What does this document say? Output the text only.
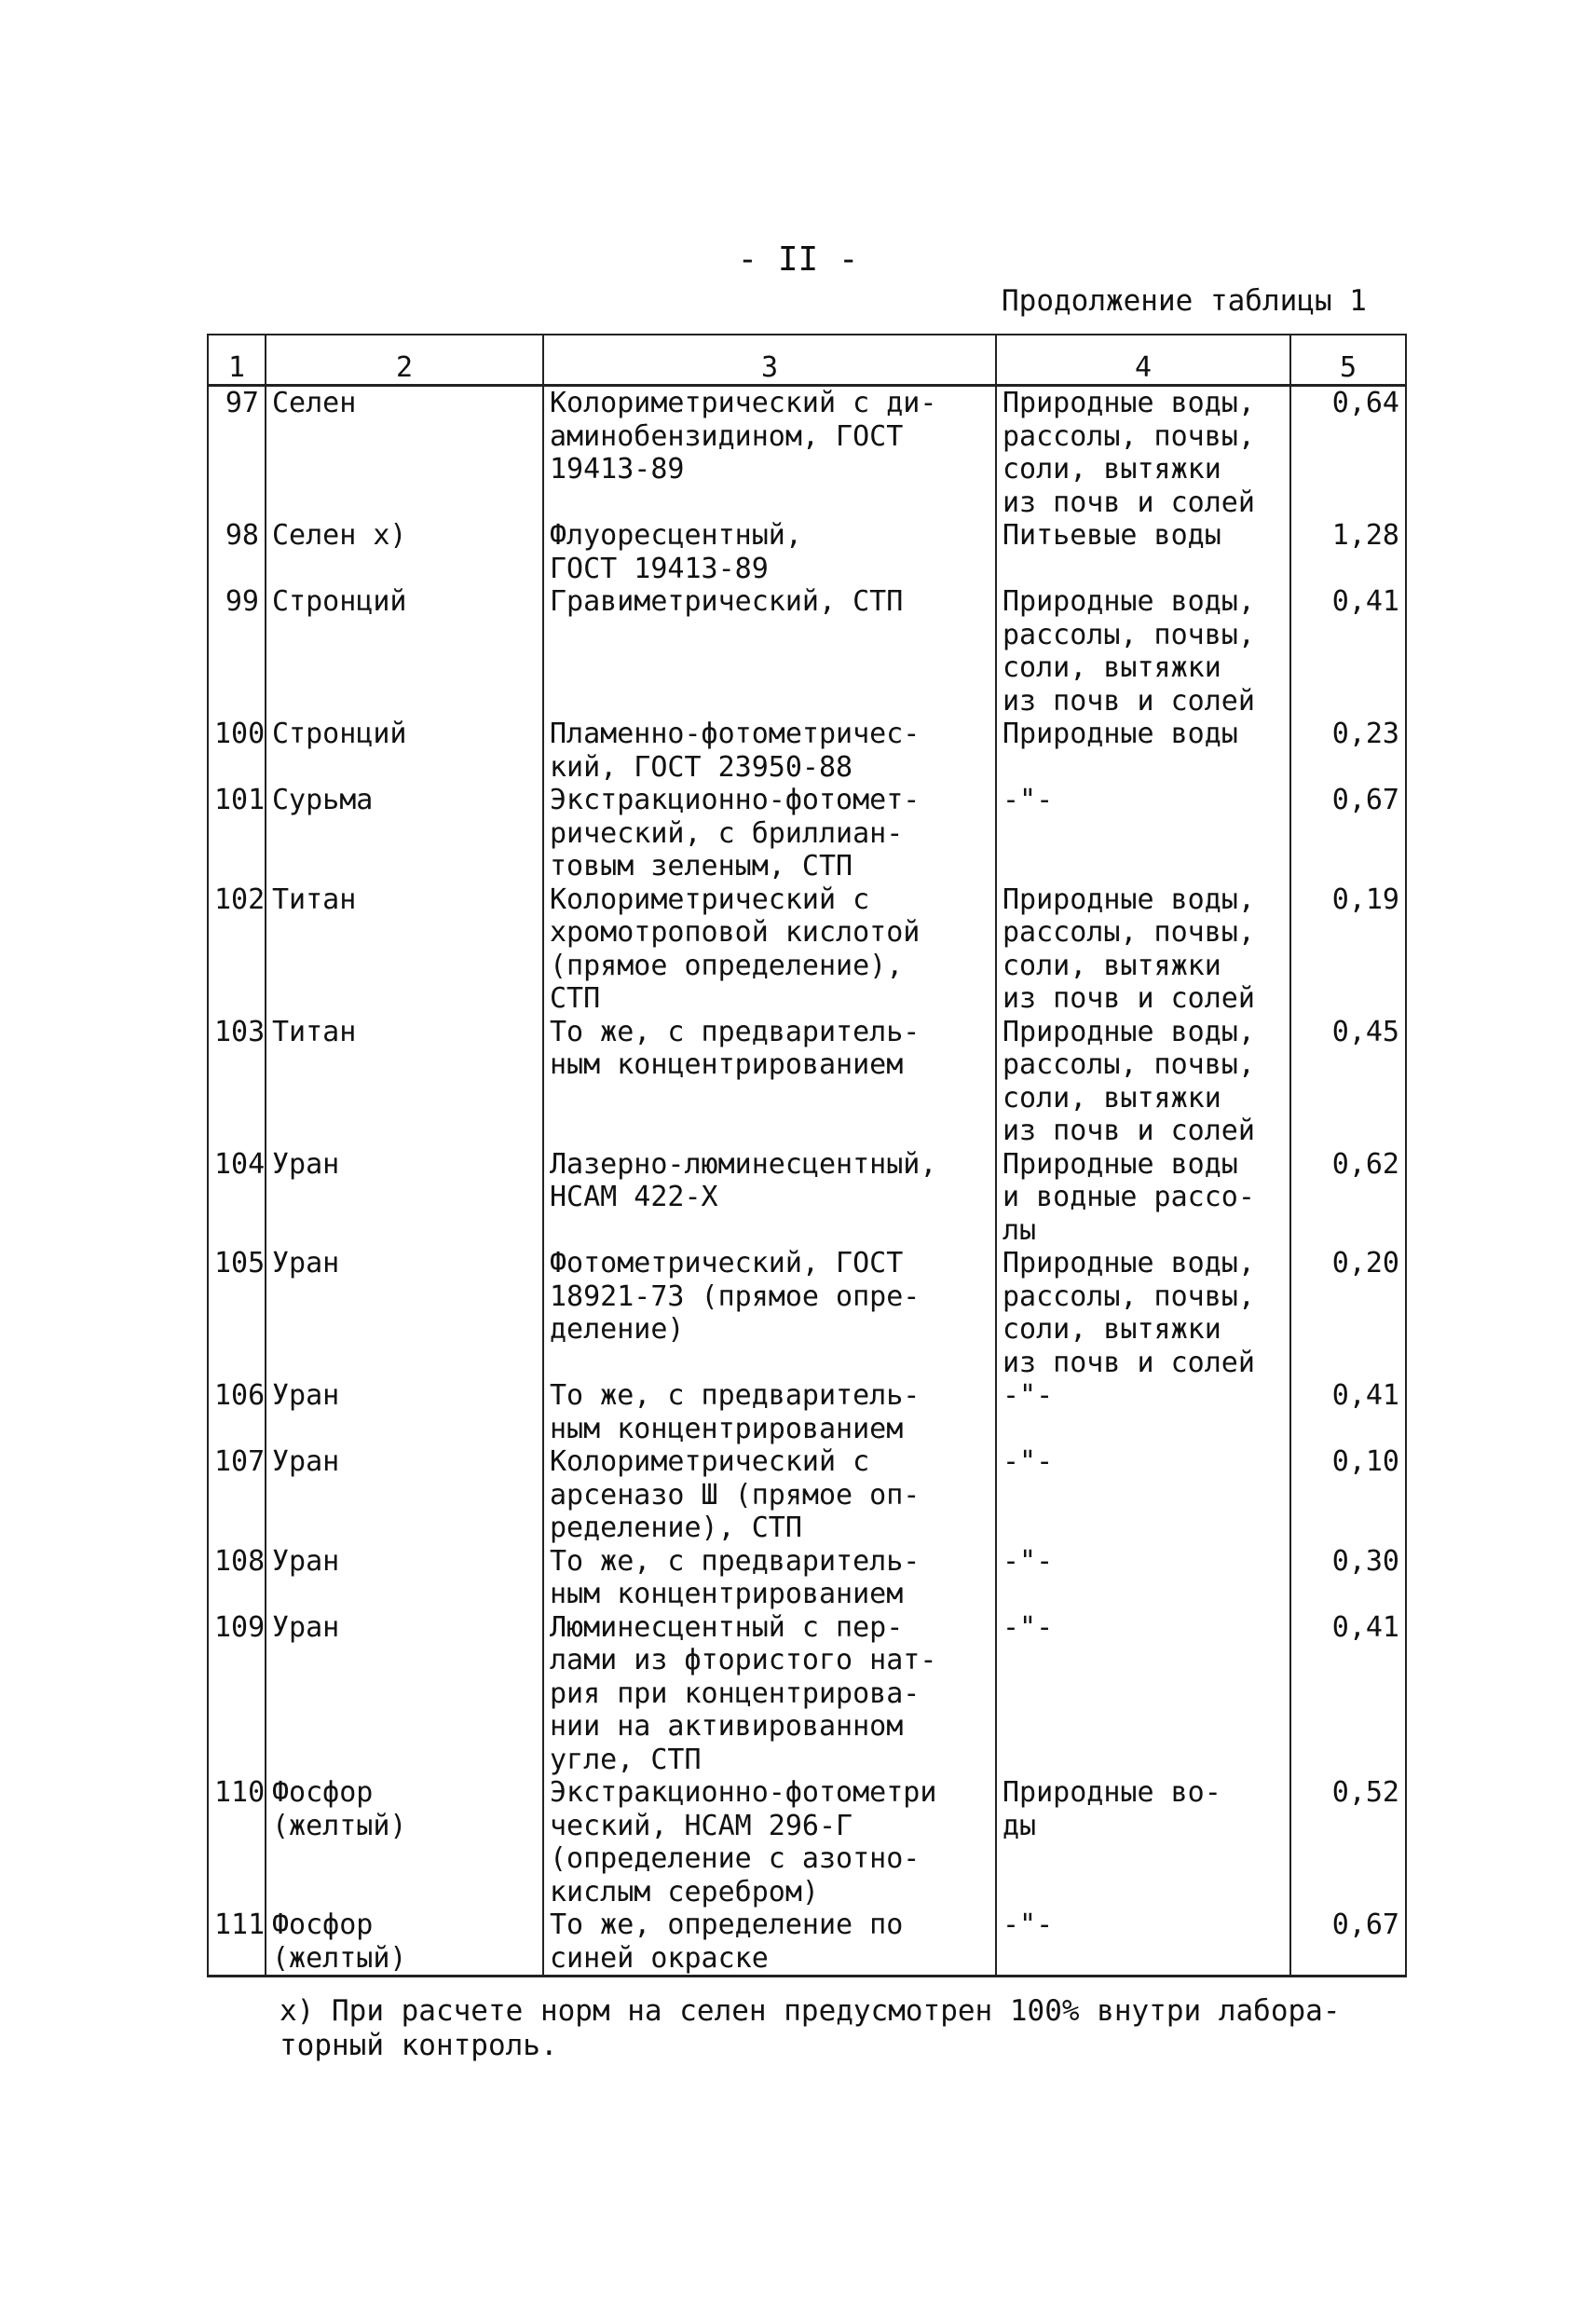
- II -
Продолжение таблицы 1
1	2	3	4	5
97	Селен	Колориметрический с ди-
аминобензидином, ГОСТ
19413-89	Природные воды,
рассолы, почвы,
соли, вытяжки
из почв и солей	0,64
98	Селен x)	Флуоресцентный,
ГОСТ 19413-89	Питьевые воды	1,28
99	Стронций	Гравиметрический, СТП	Природные воды,
рассолы, почвы,
соли, вытяжки
из почв и солей	0,41
100	Стронций	Пламенно-фотометричес-
кий, ГОСТ 23950-88	Природные воды	0,23
101	Сурьма	Экстракционно-фотомет-
рический, с бриллиан-
товым зеленым, СТП	-"-	0,67
102	Титан	Колориметрический с
хромотроповой кислотой
(прямое определение),
СТП	Природные воды,
рассолы, почвы,
соли, вытяжки
из почв и солей	0,19
103	Титан	То же, с предваритель-
ным концентрированием	Природные воды,
рассолы, почвы,
соли, вытяжки
из почв и солей	0,45
104	Уран	Лазерно-люминесцентный,
НСАМ 422-Х	Природные воды
и водные рассо-
лы	0,62
105	Уран	Фотометрический, ГОСТ
18921-73 (прямое опре-
деление)	Природные воды,
рассолы, почвы,
соли, вытяжки
из почв и солей	0,20
106	Уран	То же, с предваритель-
ным концентрированием	-"-	0,41
107	Уран	Колориметрический с
арсеназо Ш (прямое оп-
ределение), СТП	-"-	0,10
108	Уран	То же, с предваритель-
ным концентрированием	-"-	0,30
109	Уран	Люминесцентный с пер-
лами из фтористого нат-
рия при концентрирова-
нии на активированном
угле, СТП	-"-	0,41
110	Фосфор
(желтый)	Экстракционно-фотометри
ческий, НСАМ 296-Г
(определение с азотно-
кислым серебром)	Природные во-
ды	0,52
111	Фосфор
(желтый)	То же, определение по
синей окраске	-"-	0,67
x) При расчете норм на селен предусмотрен 100% внутри лабора-
торный контроль.
